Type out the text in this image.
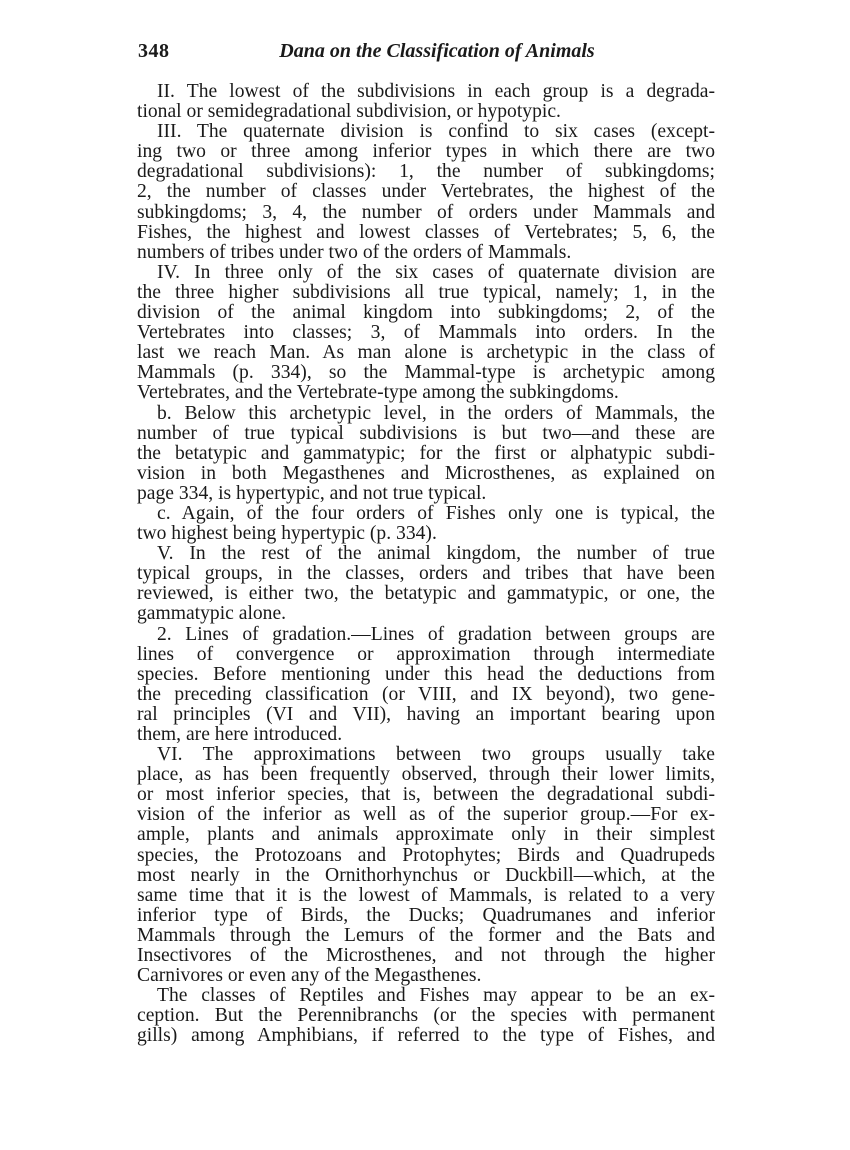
348	Dana on the Classification of Animals
II. The lowest of the subdivisions in each group is a degrada-
tional or semidegradational subdivision, or hypotypic.
III. The quaternate division is confind to six cases (except-
ing two or three among inferior types in which there are two
degradational subdivisions): 1, the number of subkingdoms;
2, the number of classes under Vertebrates, the highest of the
subkingdoms; 3, 4, the number of orders under Mammals and
Fishes, the highest and lowest classes of Vertebrates; 5, 6, the
numbers of tribes under two of the orders of Mammals.
IV. In three only of the six cases of quaternate division are
the three higher subdivisions all true typical, namely; 1, in the
division of the animal kingdom into subkingdoms; 2, of the
Vertebrates into classes; 3, of Mammals into orders. In the
last we reach Man. As man alone is archetypic in the class of
Mammals (p. 334), so the Mammal-type is archetypic among
Vertebrates, and the Vertebrate-type among the subkingdoms.
b. Below this archetypic level, in the orders of Mammals, the
number of true typical subdivisions is but two—and these are
the betatypic and gammatypic; for the first or alphatypic subdi-
vision in both Megasthenes and Microsthenes, as explained on
page 334, is hypertypic, and not true typical.
c. Again, of the four orders of Fishes only one is typical, the
two highest being hypertypic (p. 334).
V. In the rest of the animal kingdom, the number of true
typical groups, in the classes, orders and tribes that have been
reviewed, is either two, the betatypic and gammatypic, or one, the
gammatypic alone.
2. Lines of gradation.—Lines of gradation between groups are
lines of convergence or approximation through intermediate
species. Before mentioning under this head the deductions from
the preceding classification (or VIII, and IX beyond), two gene-
ral principles (VI and VII), having an important bearing upon
them, are here introduced.
VI. The approximations between two groups usually take
place, as has been frequently observed, through their lower limits,
or most inferior species, that is, between the degradational subdi-
vision of the inferior as well as of the superior group.—For ex-
ample, plants and animals approximate only in their simplest
species, the Protozoans and Protophytes; Birds and Quadrupeds
most nearly in the Ornithorhynchus or Duckbill—which, at the
same time that it is the lowest of Mammals, is related to a very
inferior type of Birds, the Ducks; Quadrumanes and inferior
Mammals through the Lemurs of the former and the Bats and
Insectivores of the Microsthenes, and not through the higher
Carnivores or even any of the Megasthenes.
The classes of Reptiles and Fishes may appear to be an ex-
ception. But the Perennibranchs (or the species with permanent
gills) among Amphibians, if referred to the type of Fishes, and
